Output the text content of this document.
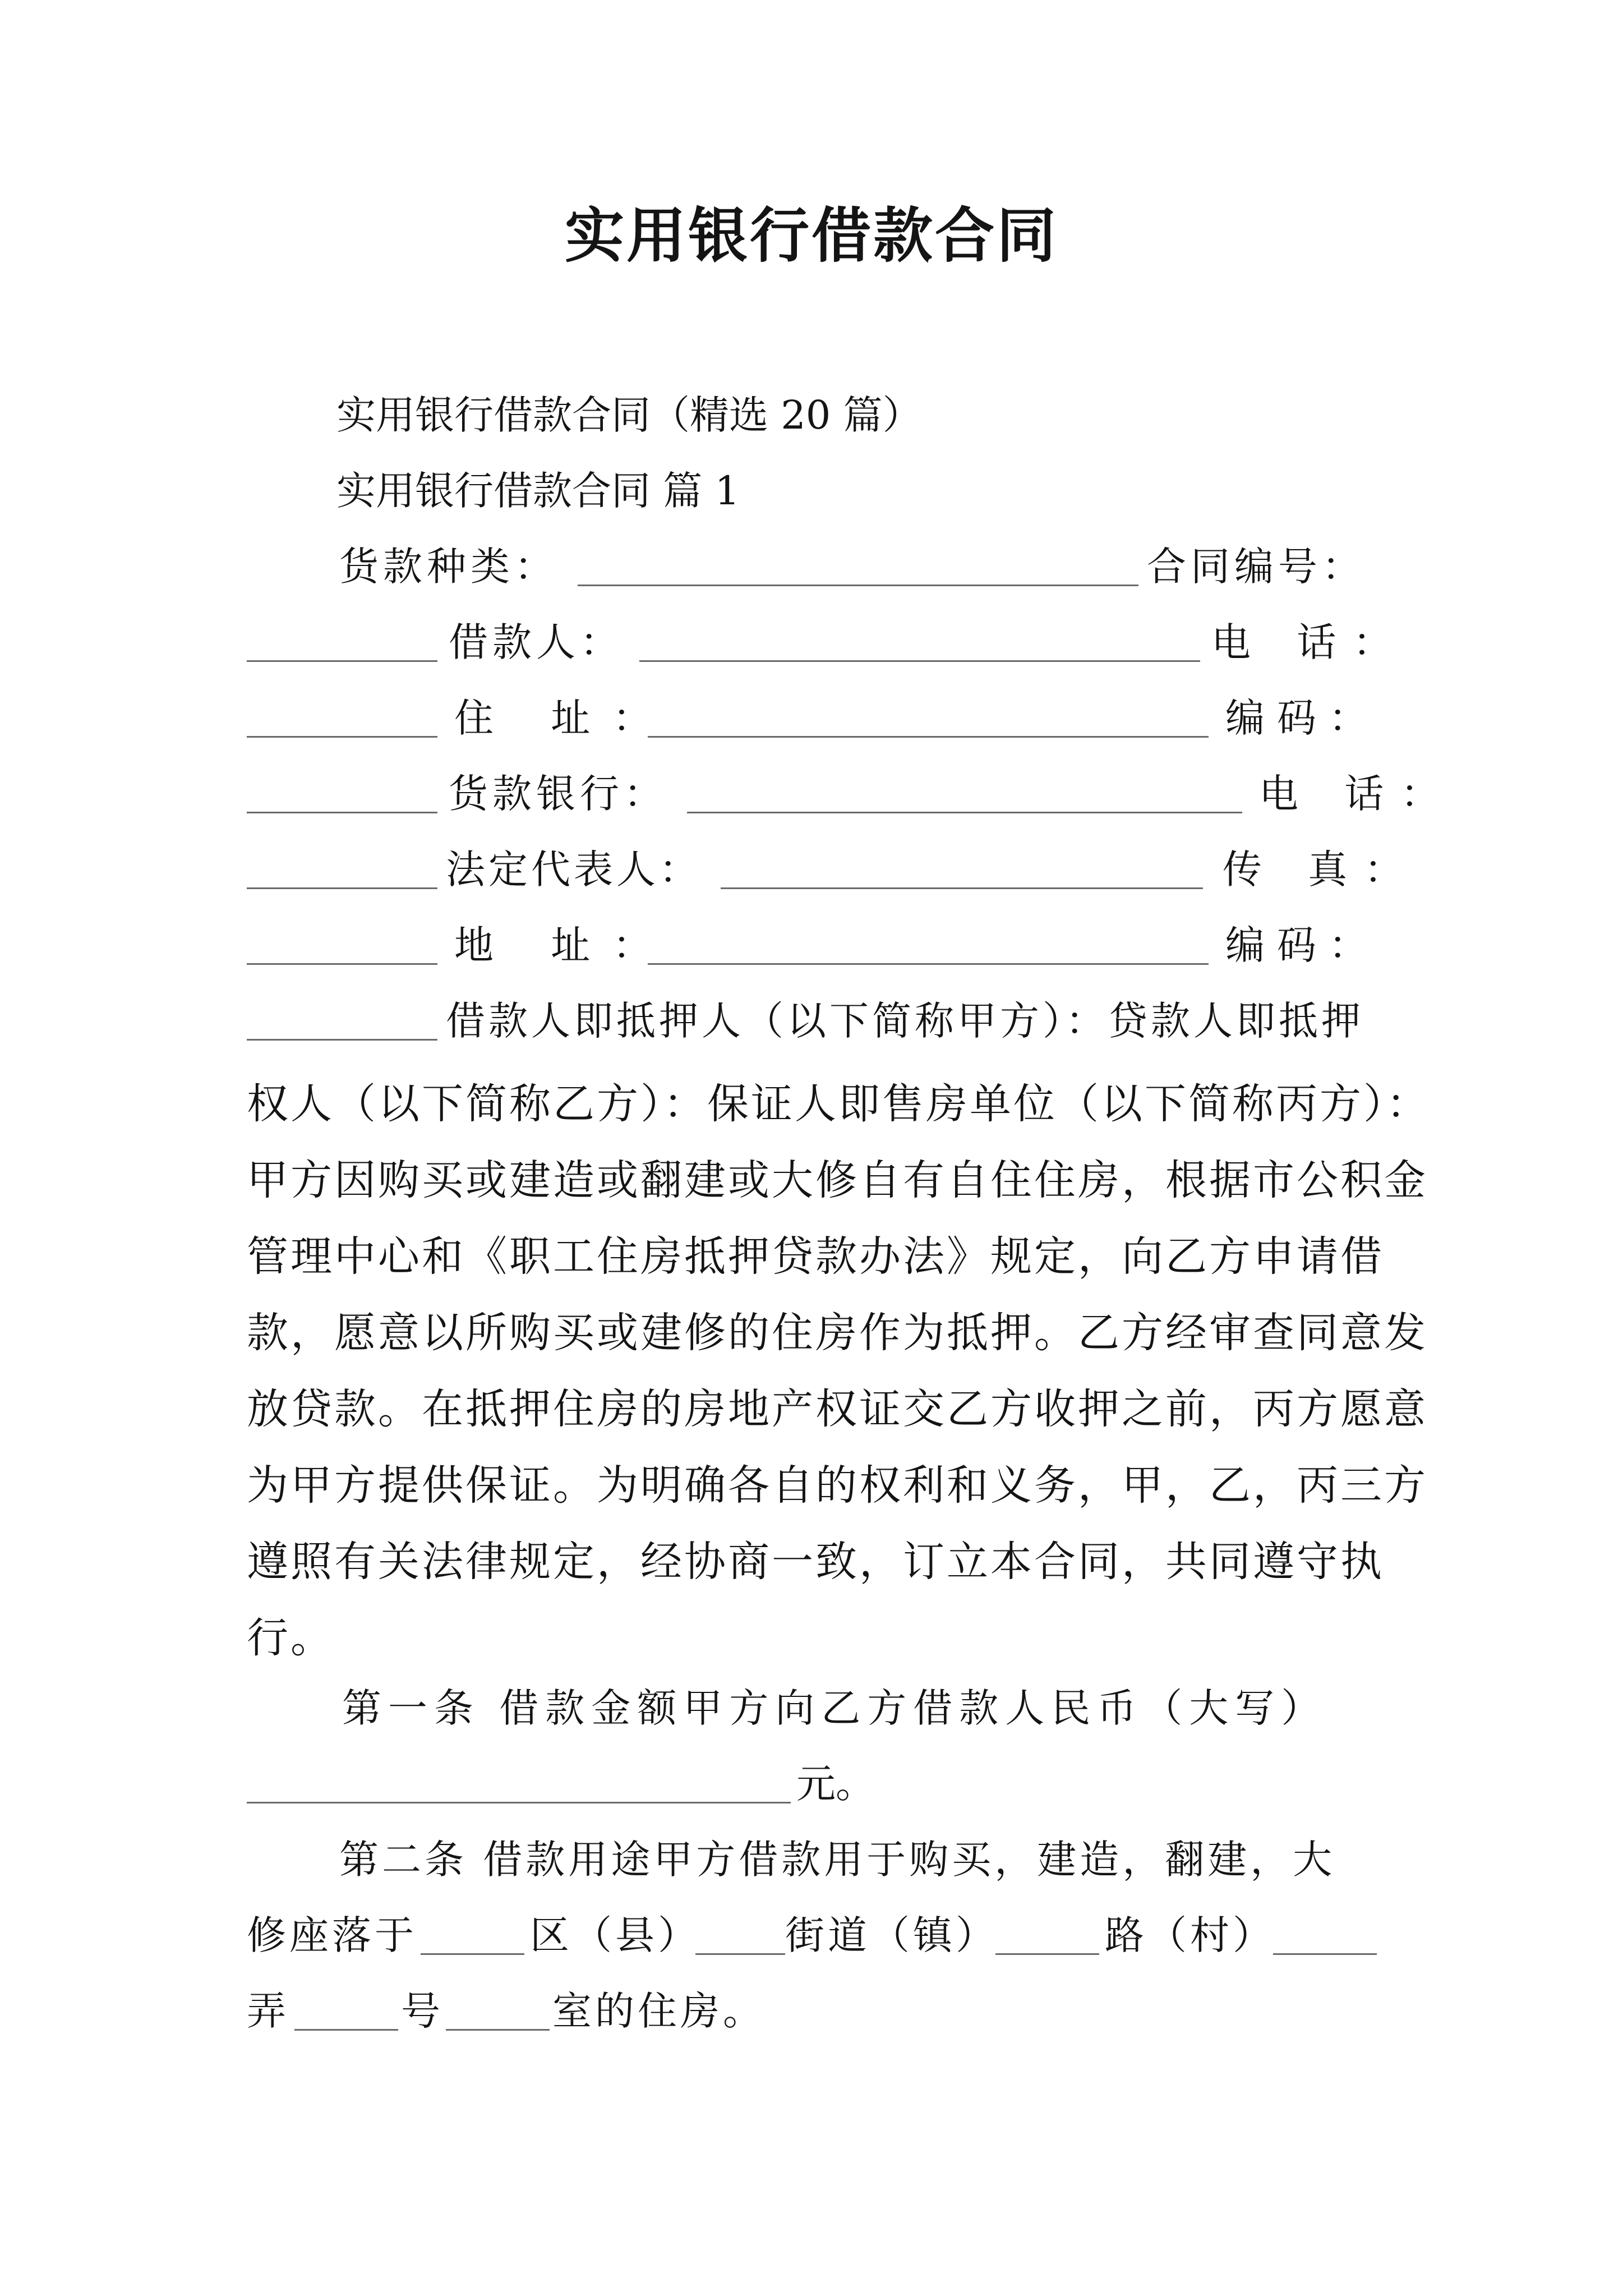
实用银行借款合同
实用银行借款合同（精选 20 篇）
实用银行借款合同 篇 1
货款种类：	合同编号：
借款人：	电 话：
住 址：	编码：
货款银行：	电 话：
法定代表人：	传 真：
地 址：	编码：
借款人即抵押人（以下简称甲方）：贷款人即抵押
权人（以下简称乙方）：保证人即售房单位（以下简称丙方）：甲方因购买或建造或翻建或大修自有自住住房，根据市公积金管理中心和《职工住房抵押贷款办法》规定，向乙方申请借款，愿意以所购买或建修的住房作为抵押。乙方经审查同意发放贷款。在抵押住房的房地产权证交乙方收押之前，丙方愿意为甲方提供保证。为明确各自的权利和义务，甲，乙，丙三方遵照有关法律规定，经协商一致，订立本合同，共同遵守执行。
第一条 借款金额甲方向乙方借款人民币（大写）
元。
第二条 借款用途甲方借款用于购买，建造，翻建，大
修座落于	区（县） 街道（镇）	路（村）
弄	号	室的住房。
